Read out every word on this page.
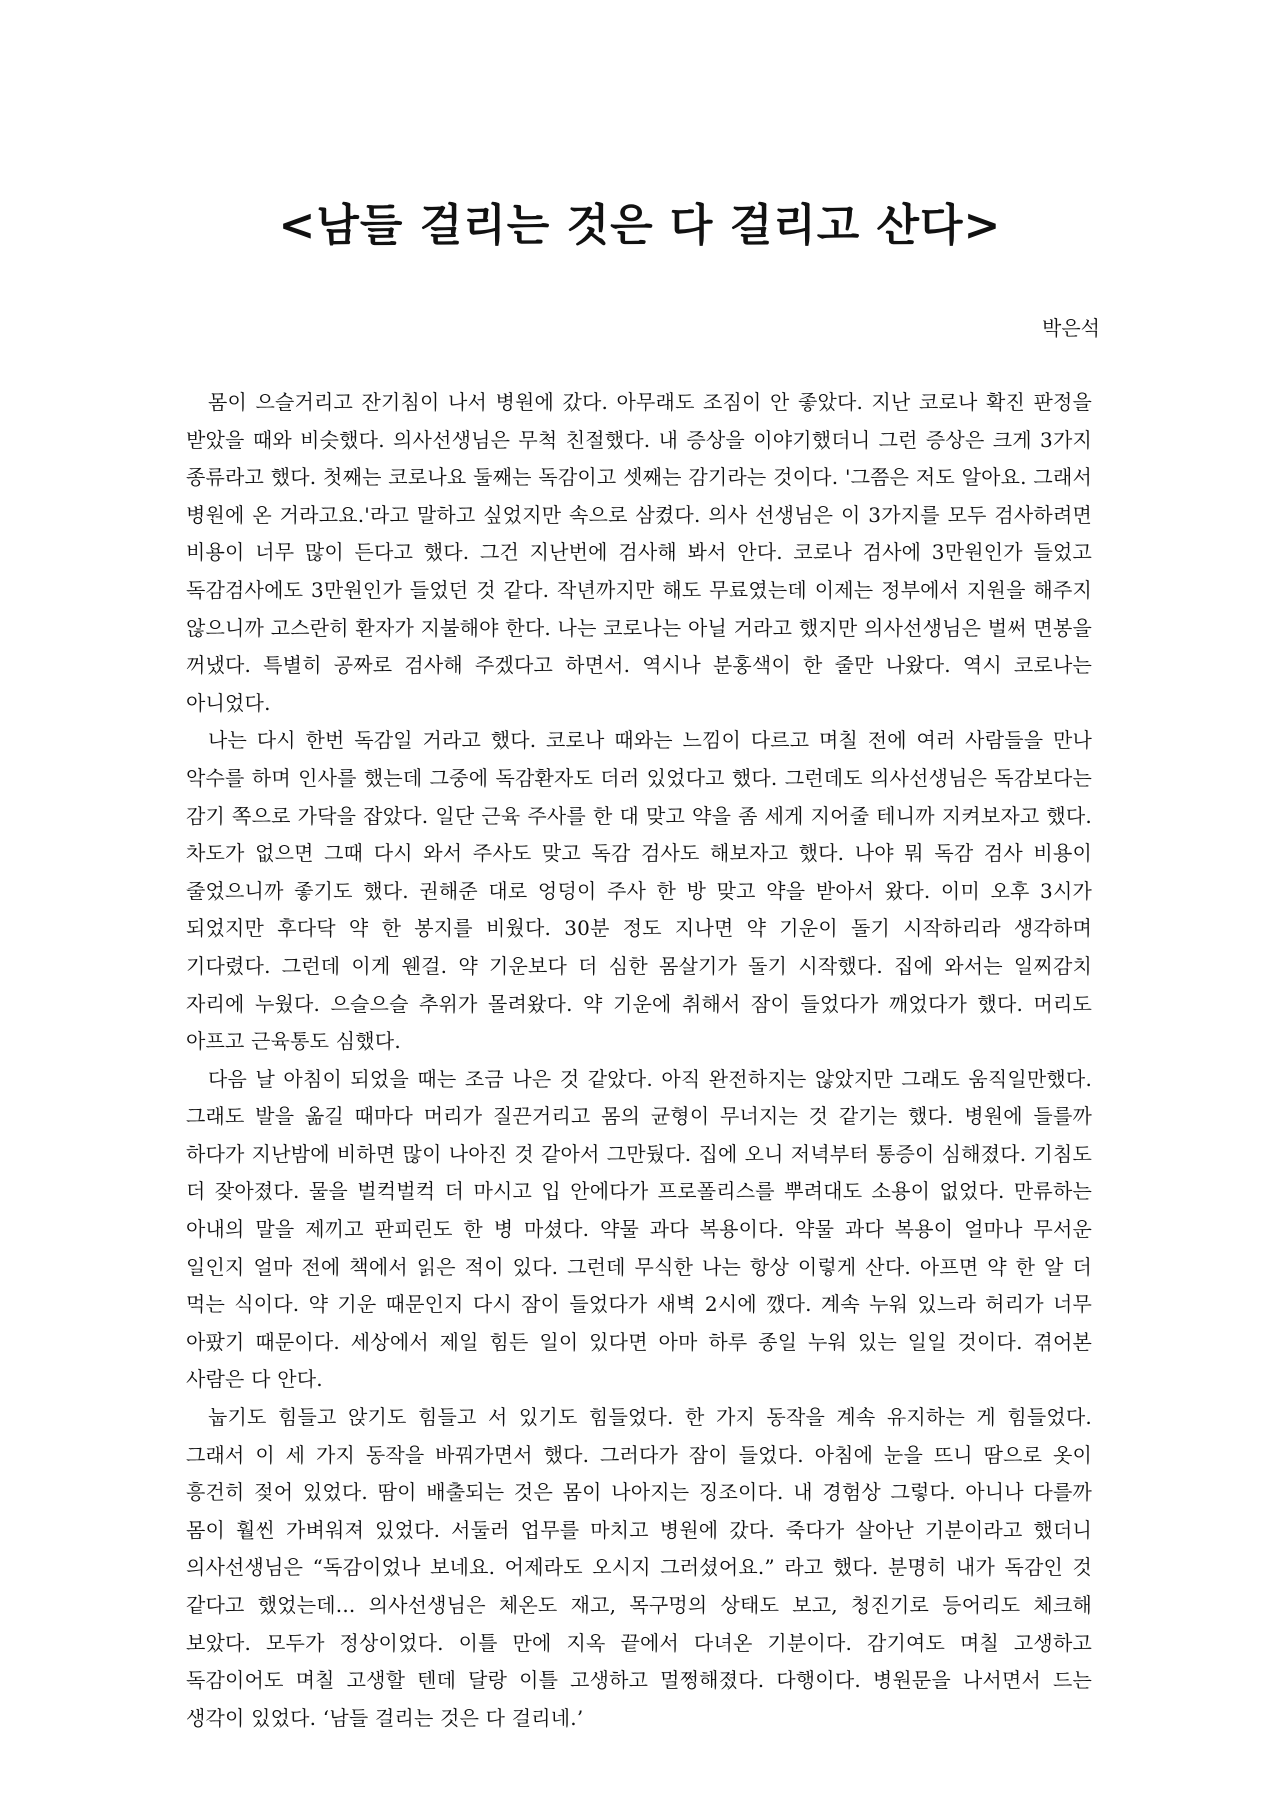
<남들 걸리는 것은 다 걸리고 산다>
박은석

몸이 으슬거리고 잔기침이 나서 병원에 갔다. 아무래도 조짐이 안 좋았다. 지난 코로나 확진 판정을 받았을 때와 비슷했다. 의사선생님은 무척 친절했다. 내 증상을 이야기했더니 그런 증상은 크게 3가지 종류라고 했다. 첫째는 코로나요 둘째는 독감이고 셋째는 감기라는 것이다. '그쯤은 저도 알아요. 그래서 병원에 온 거라고요.'라고 말하고 싶었지만 속으로 삼켰다. 의사 선생님은 이 3가지를 모두 검사하려면 비용이 너무 많이 든다고 했다. 그건 지난번에 검사해 봐서 안다. 코로나 검사에 3만원인가 들었고 독감검사에도 3만원인가 들었던 것 같다. 작년까지만 해도 무료였는데 이제는 정부에서 지원을 해주지 않으니까 고스란히 환자가 지불해야 한다. 나는 코로나는 아닐 거라고 했지만 의사선생님은 벌써 면봉을 꺼냈다. 특별히 공짜로 검사해 주겠다고 하면서. 역시나 분홍색이 한 줄만 나왔다. 역시 코로나는 아니었다.

나는 다시 한번 독감일 거라고 했다. 코로나 때와는 느낌이 다르고 며칠 전에 여러 사람들을 만나 악수를 하며 인사를 했는데 그중에 독감환자도 더러 있었다고 했다. 그런데도 의사선생님은 독감보다는 감기 쪽으로 가닥을 잡았다. 일단 근육 주사를 한 대 맞고 약을 좀 세게 지어줄 테니까 지켜보자고 했다. 차도가 없으면 그때 다시 와서 주사도 맞고 독감 검사도 해보자고 했다. 나야 뭐 독감 검사 비용이 줄었으니까 좋기도 했다. 권해준 대로 엉덩이 주사 한 방 맞고 약을 받아서 왔다. 이미 오후 3시가 되었지만 후다닥 약 한 봉지를 비웠다. 30분 정도 지나면 약 기운이 돌기 시작하리라 생각하며 기다렸다. 그런데 이게 웬걸. 약 기운보다 더 심한 몸살기가 돌기 시작했다. 집에 와서는 일찌감치 자리에 누웠다. 으슬으슬 추위가 몰려왔다. 약 기운에 취해서 잠이 들었다가 깨었다가 했다. 머리도 아프고 근육통도 심했다.

다음 날 아침이 되었을 때는 조금 나은 것 같았다. 아직 완전하지는 않았지만 그래도 움직일만했다. 그래도 발을 옮길 때마다 머리가 질끈거리고 몸의 균형이 무너지는 것 같기는 했다. 병원에 들를까 하다가 지난밤에 비하면 많이 나아진 것 같아서 그만뒀다. 집에 오니 저녁부터 통증이 심해졌다. 기침도 더 잦아졌다. 물을 벌컥벌컥 더 마시고 입 안에다가 프로폴리스를 뿌려대도 소용이 없었다. 만류하는 아내의 말을 제끼고 판피린도 한 병 마셨다. 약물 과다 복용이다. 약물 과다 복용이 얼마나 무서운 일인지 얼마 전에 책에서 읽은 적이 있다. 그런데 무식한 나는 항상 이렇게 산다. 아프면 약 한 알 더 먹는 식이다. 약 기운 때문인지 다시 잠이 들었다가 새벽 2시에 깼다. 계속 누워 있느라 허리가 너무 아팠기 때문이다. 세상에서 제일 힘든 일이 있다면 아마 하루 종일 누워 있는 일일 것이다. 겪어본 사람은 다 안다.

눕기도 힘들고 앉기도 힘들고 서 있기도 힘들었다. 한 가지 동작을 계속 유지하는 게 힘들었다. 그래서 이 세 가지 동작을 바꿔가면서 했다. 그러다가 잠이 들었다. 아침에 눈을 뜨니 땀으로 옷이 흥건히 젖어 있었다. 땀이 배출되는 것은 몸이 나아지는 징조이다. 내 경험상 그렇다. 아니나 다를까 몸이 훨씬 가벼워져 있었다. 서둘러 업무를 마치고 병원에 갔다. 죽다가 살아난 기분이라고 했더니 의사선생님은 “독감이었나 보네요. 어제라도 오시지 그러셨어요.” 라고 했다. 분명히 내가 독감인 것 같다고 했었는데... 의사선생님은 체온도 재고, 목구멍의 상태도 보고, 청진기로 등어리도 체크해 보았다. 모두가 정상이었다. 이틀 만에 지옥 끝에서 다녀온 기분이다. 감기여도 며칠 고생하고 독감이어도 며칠 고생할 텐데 달랑 이틀 고생하고 멀쩡해졌다. 다행이다. 병원문을 나서면서 드는 생각이 있었다. ‘남들 걸리는 것은 다 걸리네.’
